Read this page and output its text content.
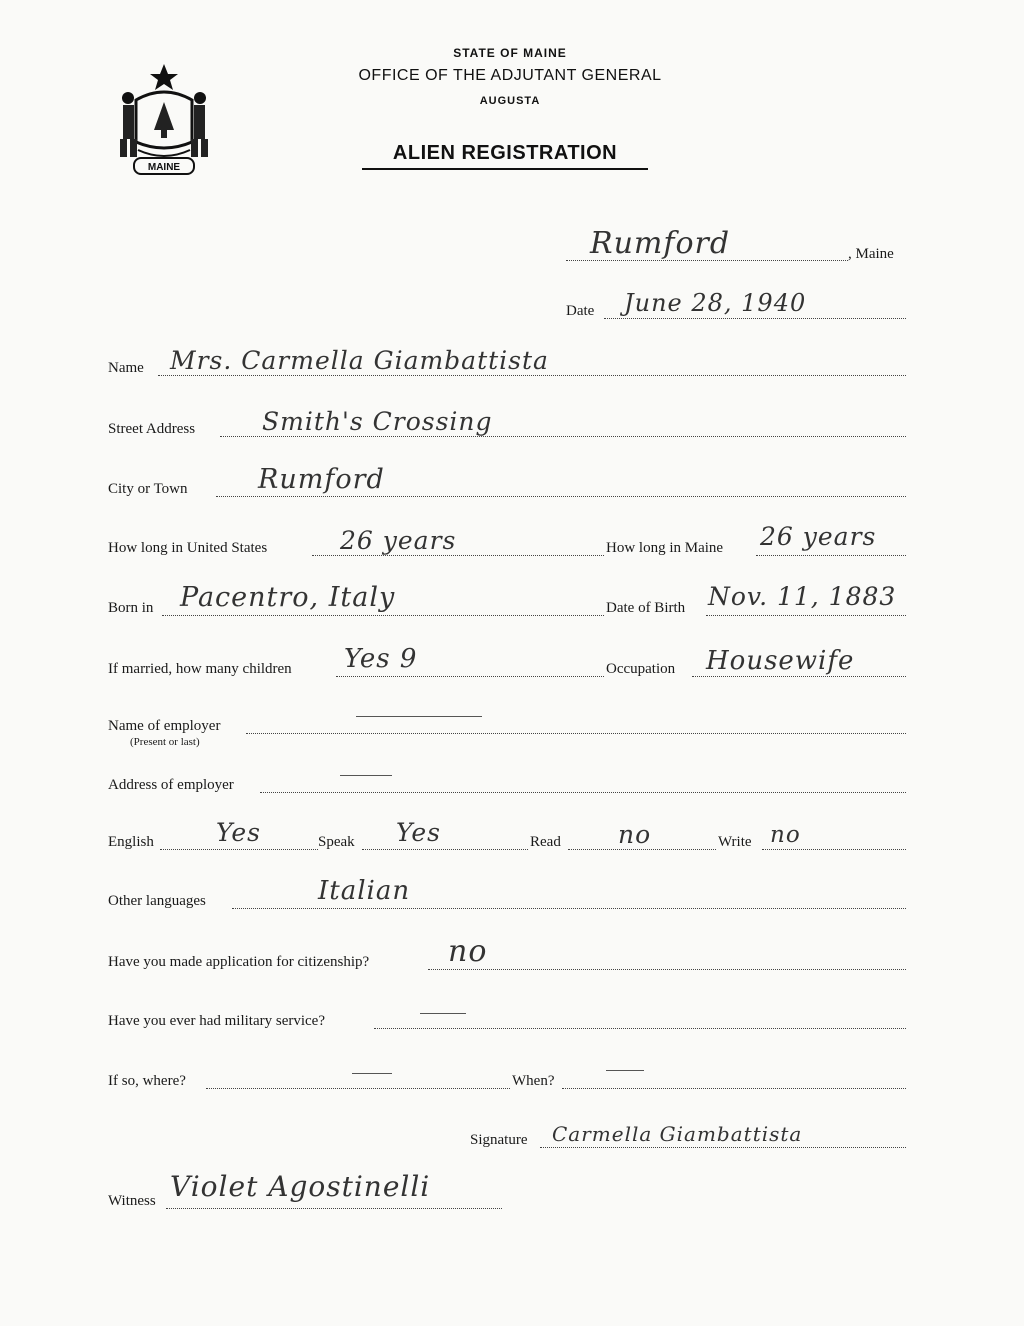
MAINE
STATE OF MAINE
OFFICE OF THE ADJUTANT GENERAL
AUGUSTA
ALIEN REGISTRATION
Rumford	, Maine
Date June 28, 1940
Name Mrs. Carmella Giambattista
Street Address	Smith's Crossing
City or Town	Rumford
How long in United States	26 years	How long in Maine 26 years
Born in Pacentro, Italy	Date of Birth Nov. 11, 1883
If married, how many children Yes 9	Occupation Housewife
Name of employer
(Present or last)
Address of employer
English Yes	Speak Yes	Read no	Write no
Other languages	Italian
Have you made application for citizenship?	no
Have you ever had military service?
If so, where?	When?
Signature Carmella Giambattista
Witness Violet Agostinelli
